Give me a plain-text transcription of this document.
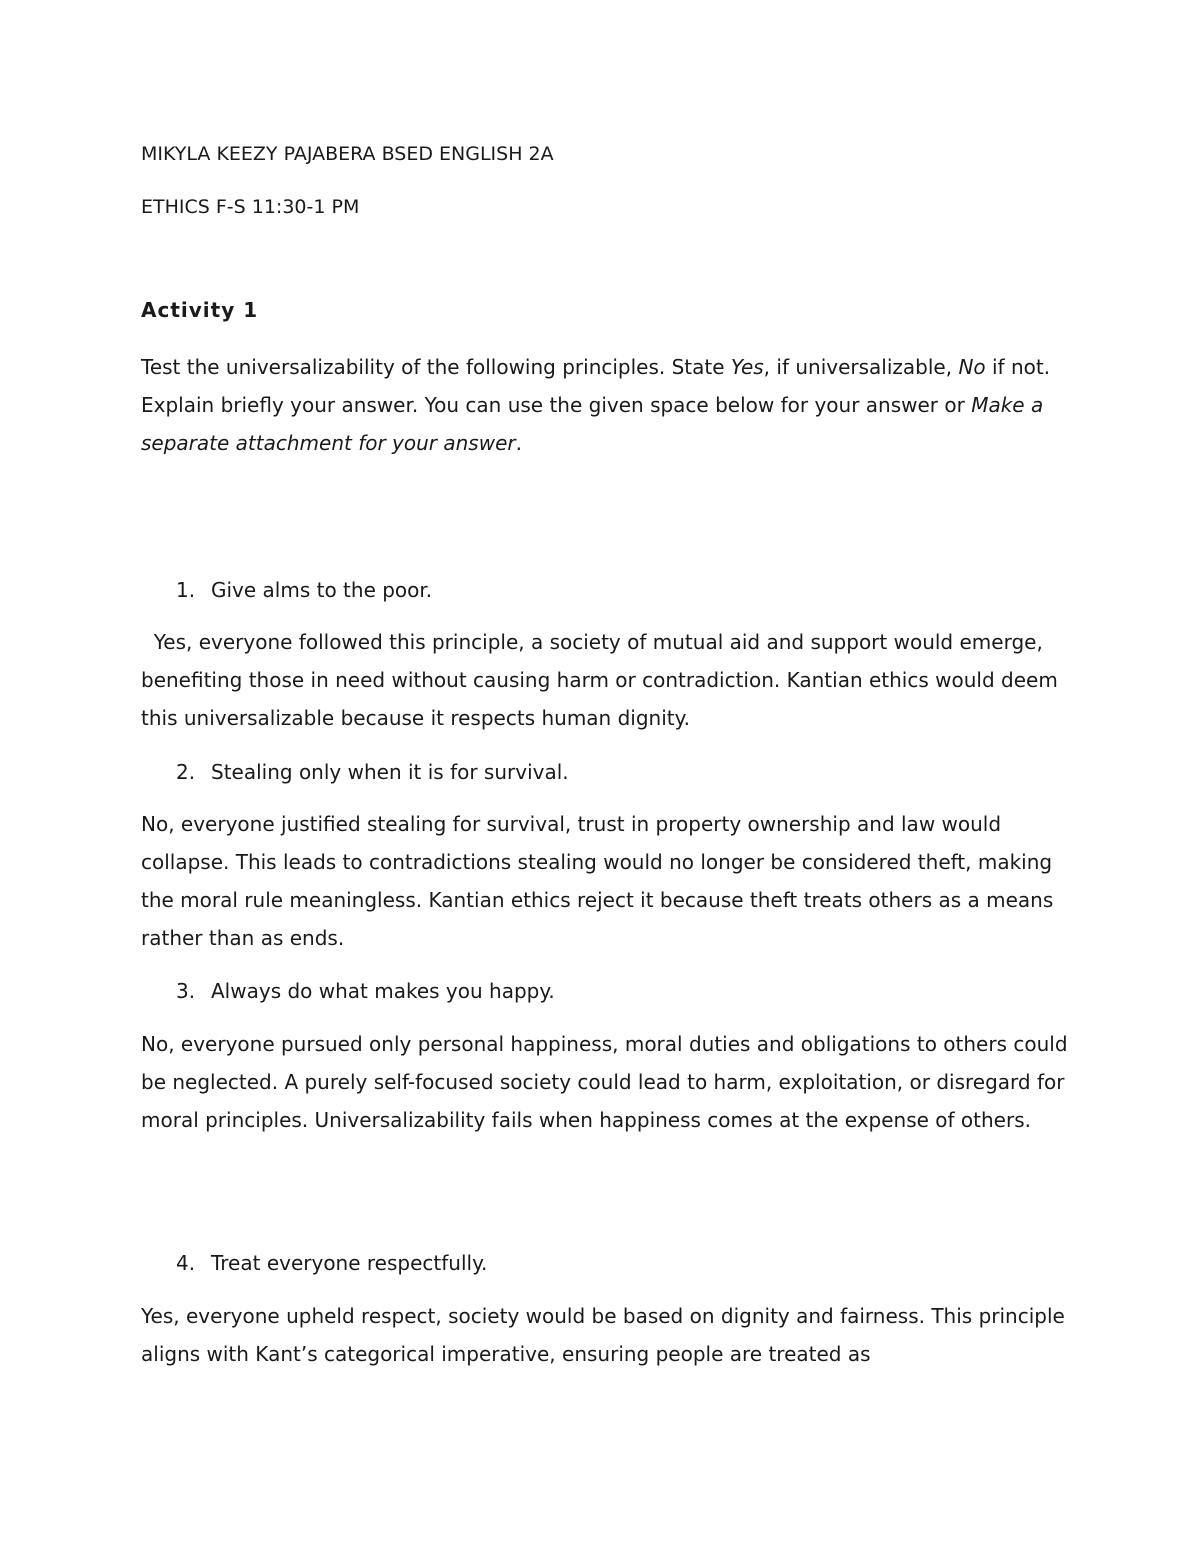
MIKYLA KEEZY PAJABERA BSED ENGLISH 2A

ETHICS F-S 11:30-1 PM

Activity 1

Test the universalizability of the following principles. State Yes, if universalizable, No if not. Explain briefly your answer. You can use the given space below for your answer or Make a separate attachment for your answer.

1. Give alms to the poor.

Yes, everyone followed this principle, a society of mutual aid and support would emerge, benefiting those in need without causing harm or contradiction. Kantian ethics would deem this universalizable because it respects human dignity.

2. Stealing only when it is for survival.

No, everyone justified stealing for survival, trust in property ownership and law would collapse. This leads to contradictions stealing would no longer be considered theft, making the moral rule meaningless. Kantian ethics reject it because theft treats others as a means rather than as ends.

3. Always do what makes you happy.

No, everyone pursued only personal happiness, moral duties and obligations to others could be neglected. A purely self-focused society could lead to harm, exploitation, or disregard for moral principles. Universalizability fails when happiness comes at the expense of others.

4. Treat everyone respectfully.

Yes, everyone upheld respect, society would be based on dignity and fairness. This principle aligns with Kant’s categorical imperative, ensuring people are treated as
